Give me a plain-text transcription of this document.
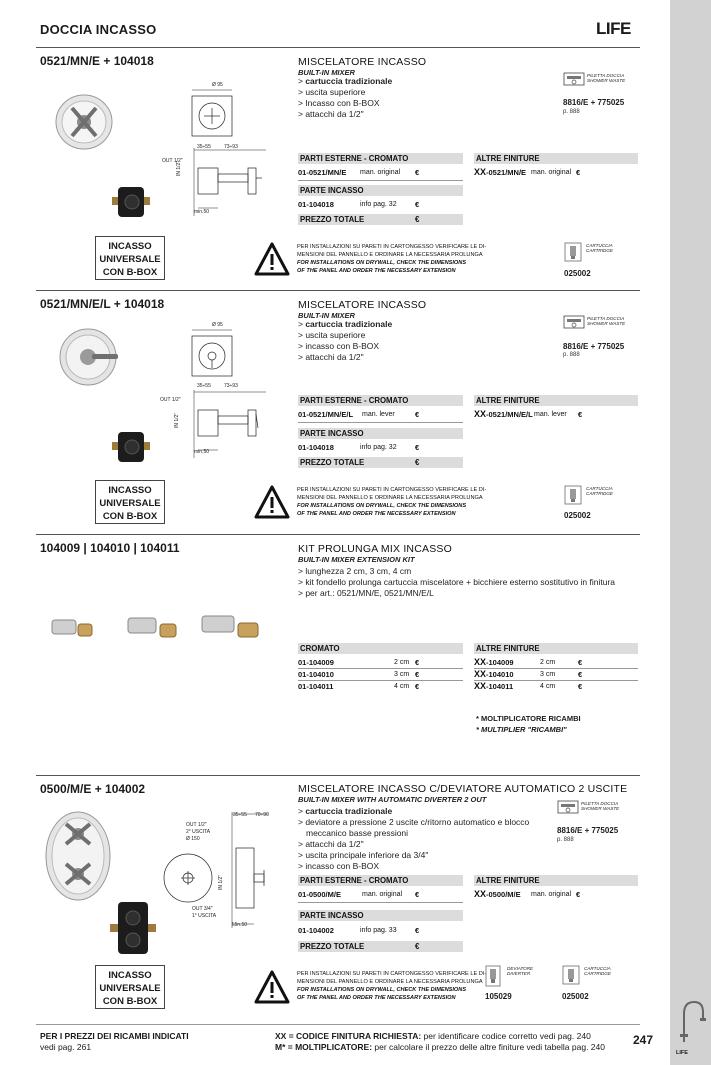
LIFE
DOCCIA INCASSO	LIFE
0521/MN/E + 104018	MISCELATORE INCASSO
BUILT-IN MIXER
> cartuccia tradizionale
> uscita superiore
> Incasso con B-BOX
> attacchi da 1/2"
Ø 95
35÷55	73÷93
OUT 1/2"
IN 1/2"
min.50
PILETTA DOCCIA
SHOWER WASTE
8816/E + 775025
p. 888
PARTI ESTERNE - CROMATO
01-0521/MN/E man. original €
PARTE INCASSO
01-104018	info pag. 32 €
PREZZO TOTALE	€
ALTRE FINITURE
XX-0521/MN/E man. original €
INCASSO
UNIVERSALE
CON B-BOX
PER INSTALLAZIONI SU PARETI IN CARTONGESSO VERIFICARE LE DI-
MENSIONI DEL PANNELLO E ORDINARE LA NECESSARIA PROLUNGA
FOR INSTALLATIONS ON DRYWALL, CHECK THE DIMENSIONS
OF THE PANEL AND ORDER THE NECESSARY EXTENSION
CARTUCCIA
CARTRIDGE
025002
0521/MN/E/L + 104018	MISCELATORE INCASSO
BUILT-IN MIXER
> cartuccia tradizionale
> uscita superiore
> incasso con B-BOX
> attacchi da 1/2"
Ø 95
35÷55	73÷93
OUT 1/2"
IN 1/2"
min.50
PILETTA DOCCIA
SHOWER WASTE
8816/E + 775025
p. 888
PARTI ESTERNE - CROMATO
01-0521/MN/E/L man. lever	€
PARTE INCASSO
01-104018	info pag. 32 €
PREZZO TOTALE	€
ALTRE FINITURE
XX-0521/MN/E/L man. lever €
INCASSO
UNIVERSALE
CON B-BOX
PER INSTALLAZIONI SU PARETI IN CARTONGESSO VERIFICARE LE DI-
MENSIONI DEL PANNELLO E ORDINARE LA NECESSARIA PROLUNGA
FOR INSTALLATIONS ON DRYWALL, CHECK THE DIMENSIONS
OF THE PANEL AND ORDER THE NECESSARY EXTENSION
CARTUCCIA
CARTRIDGE
025002
104009 | 104010 | 104011	KIT PROLUNGA MIX INCASSO
BUILT-IN MIXER EXTENSION KIT
> lunghezza 2 cm, 3 cm, 4 cm
> kit fondello prolunga cartuccia miscelatore + bicchiere esterno sostitutivo in finitura
> per art.: 0521/MN/E, 0521/MN/E/L
CROMATO	ALTRE FINITURE
01-104009	2 cm €
01-104010	3 cm €
01-104011	4 cm €
XX-104009	2 cm	€
XX-104010	3 cm	€
XX-104011	4 cm	€
* MOLTIPLICATORE RICAMBI
* MULTIPLIER "RICAMBI"
0500/M/E + 104002	MISCELATORE INCASSO C/DEVIATORE AUTOMATICO 2 USCITE
BUILT-IN MIXER WITH AUTOMATIC DIVERTER 2 OUT
> cartuccia tradizionale
> deviatore a pressione 2 uscite c/ritorno automatico e blocco
meccanico basse pressioni
> attacchi da 1/2"
> uscita principale inferiore da 3/4"
> incasso con B-BOX
35÷55 70÷90
OUT 1/2"
2° USCITA
Ø 150
IN 1/2"
OUT 3/4"
1° USCITA
Min.50
PILETTA DOCCIA
SHOWER WASTE
8816/E + 775025
p. 888
PARTI ESTERNE - CROMATO
01-0500/M/E	man. original €
PARTE INCASSO
01-104002	info pag. 33 €
PREZZO TOTALE	€
ALTRE FINITURE
XX-0500/M/E man. original €
INCASSO
UNIVERSALE
CON B-BOX
PER INSTALLAZIONI SU PARETI IN CARTONGESSO VERIFICARE LE DI-
MENSIONI DEL PANNELLO E ORDINARE LA NECESSARIA PROLUNGA
FOR INSTALLATIONS ON DRYWALL, CHECK THE DIMENSIONS
OF THE PANEL AND ORDER THE NECESSARY EXTENSION
DEVIATORE
DIVERTER
105029
CARTUCCIA
CARTRIDGE
025002
PER I PREZZI DEI RICAMBI INDICATI
vedi pag. 261
XX = CODICE FINITURA RICHIESTA: per identificare codice corretto vedi pag. 240
M* = MOLTIPLICATORE: per calcolare il prezzo delle altre finiture vedi tabella pag. 240 247
